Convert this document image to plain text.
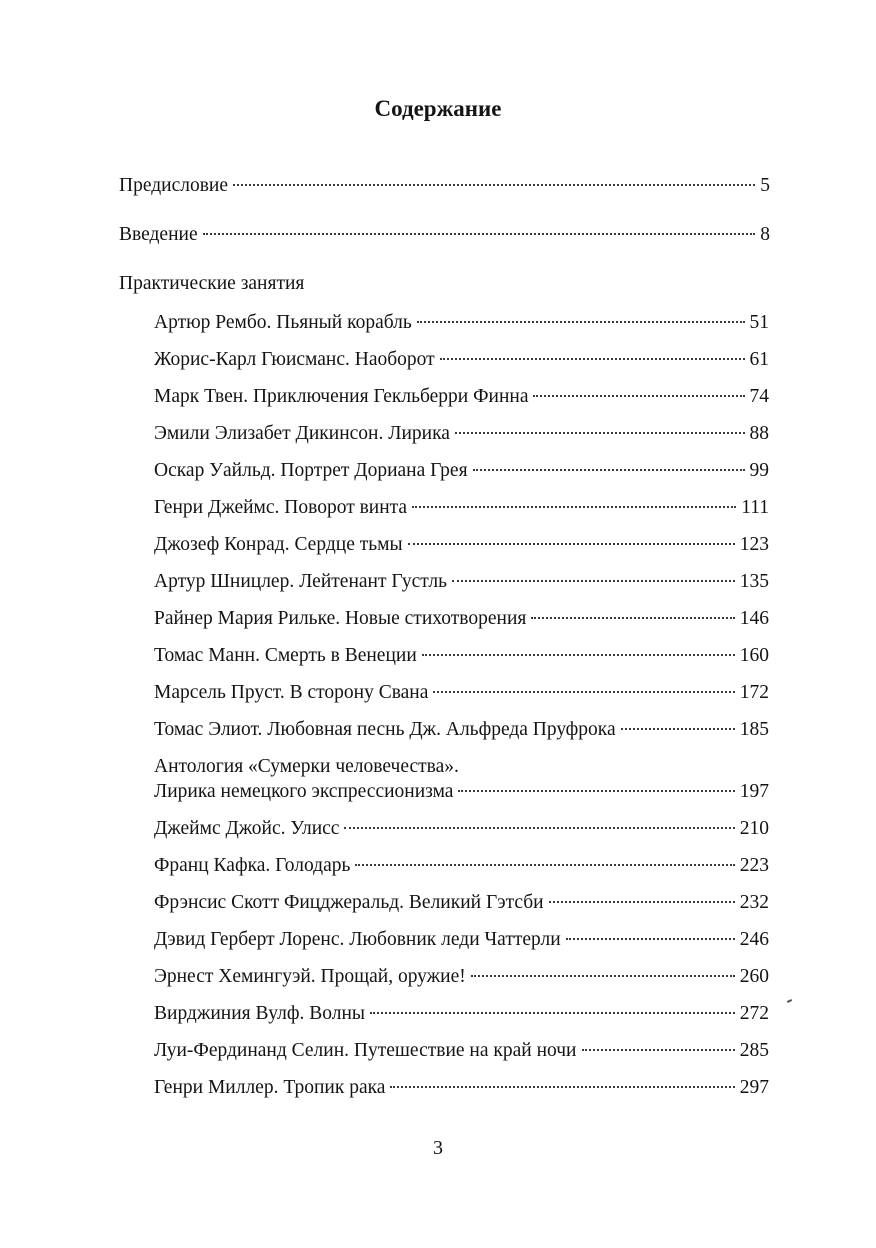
Содержание
Предисловие	5
Введение	8
Практические занятия
Артюр Рембо. Пьяный корабль	51
Жорис-Карл Гюисманс. Наоборот	61
Марк Твен. Приключения Гекльберри Финна	74
Эмили Элизабет Дикинсон. Лирика	88
Оскар Уайльд. Портрет Дориана Грея	99
Генри Джеймс. Поворот винта	111
Джозеф Конрад. Сердце тьмы	123
Артур Шницлер. Лейтенант Густль	135
Райнер Мария Рильке. Новые стихотворения	146
Томас Манн. Смерть в Венеции	160
Марсель Пруст. В сторону Свана	172
Томас Элиот. Любовная песнь Дж. Альфреда Пруфрока	185
Антология «Сумерки человечества».
Лирика немецкого экспрессионизма	197
Джеймс Джойс. Улисс	210
Франц Кафка. Голодарь	223
Фрэнсис Скотт Фицджеральд. Великий Гэтсби	232
Дэвид Герберт Лоренс. Любовник леди Чаттерли	246
Эрнест Хемингуэй. Прощай, оружие!	260
Вирджиния Вулф. Волны	272
Луи-Фердинанд Селин. Путешествие на край ночи	285
Генри Миллер. Тропик рака	297
3
